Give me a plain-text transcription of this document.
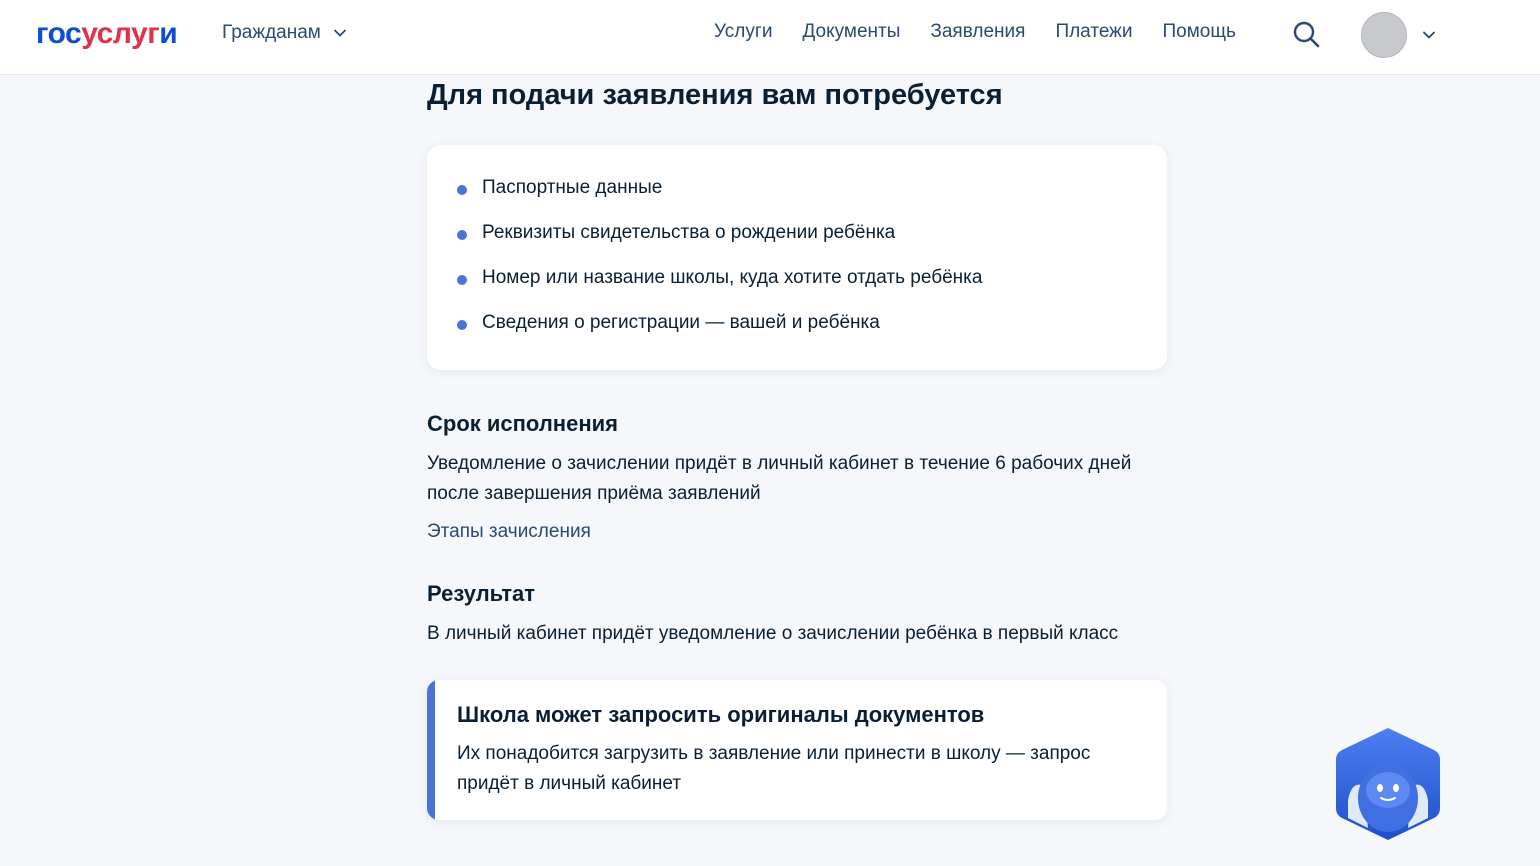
госуслуги Гражданам	Услуги Документы Заявления Платежи Помощь
Для подачи заявления вам потребуется
Паспортные данные
Реквизиты свидетельства о рождении ребёнка
Номер или название школы, куда хотите отдать ребёнка
Сведения о регистрации — вашей и ребёнка
Срок исполнения

Уведомление о зачислении придёт в личный кабинет в течение 6 рабочих дней после завершения приёма заявлений

Этапы зачисления
Результат

В личный кабинет придёт уведомление о зачислении ребёнка в первый класс

Школа может запросить оригиналы документов

Их понадобится загрузить в заявление или принести в школу — запрос придёт в личный кабинет
